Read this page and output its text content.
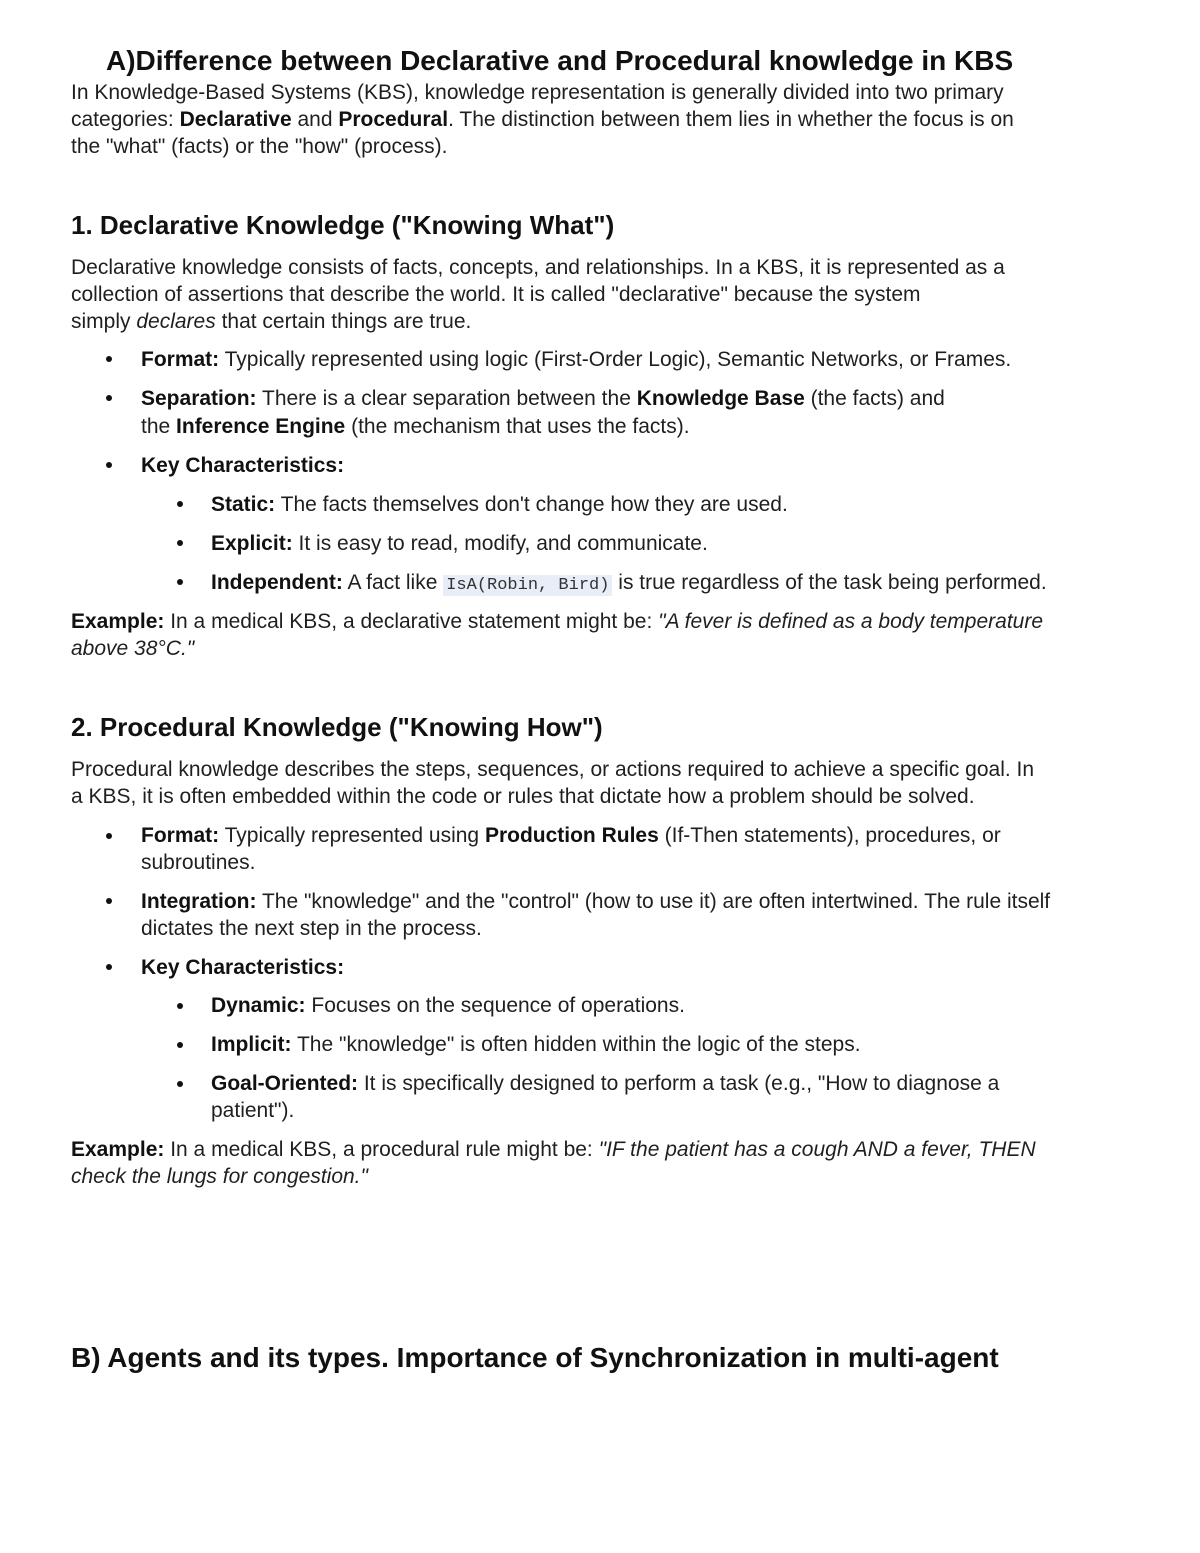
A)Difference between Declarative and Procedural knowledge in KBS
In Knowledge-Based Systems (KBS), knowledge representation is generally divided into two primary
categories: Declarative and Procedural. The distinction between them lies in whether the focus is on
the "what" (facts) or the "how" (process).
1. Declarative Knowledge ("Knowing What")
Declarative knowledge consists of facts, concepts, and relationships. In a KBS, it is represented as a
collection of assertions that describe the world. It is called "declarative" because the system
simply declares that certain things are true.
Format: Typically represented using logic (First-Order Logic), Semantic Networks, or Frames.
Separation: There is a clear separation between the Knowledge Base (the facts) and
the Inference Engine (the mechanism that uses the facts).
Key Characteristics:
Static: The facts themselves don't change how they are used.
Explicit: It is easy to read, modify, and communicate.
Independent: A fact like IsA(Robin, Bird) is true regardless of the task being performed.
Example: In a medical KBS, a declarative statement might be: "A fever is defined as a body temperature
above 38°C."
2. Procedural Knowledge ("Knowing How")
Procedural knowledge describes the steps, sequences, or actions required to achieve a specific goal. In
a KBS, it is often embedded within the code or rules that dictate how a problem should be solved.
Format: Typically represented using Production Rules (If-Then statements), procedures, or
subroutines.
Integration: The "knowledge" and the "control" (how to use it) are often intertwined. The rule itself
dictates the next step in the process.
Key Characteristics:
Dynamic: Focuses on the sequence of operations.
Implicit: The "knowledge" is often hidden within the logic of the steps.
Goal-Oriented: It is specifically designed to perform a task (e.g., "How to diagnose a
patient").
Example: In a medical KBS, a procedural rule might be: "IF the patient has a cough AND a fever, THEN
check the lungs for congestion."
B) Agents and its types. Importance of Synchronization in multi-agent
